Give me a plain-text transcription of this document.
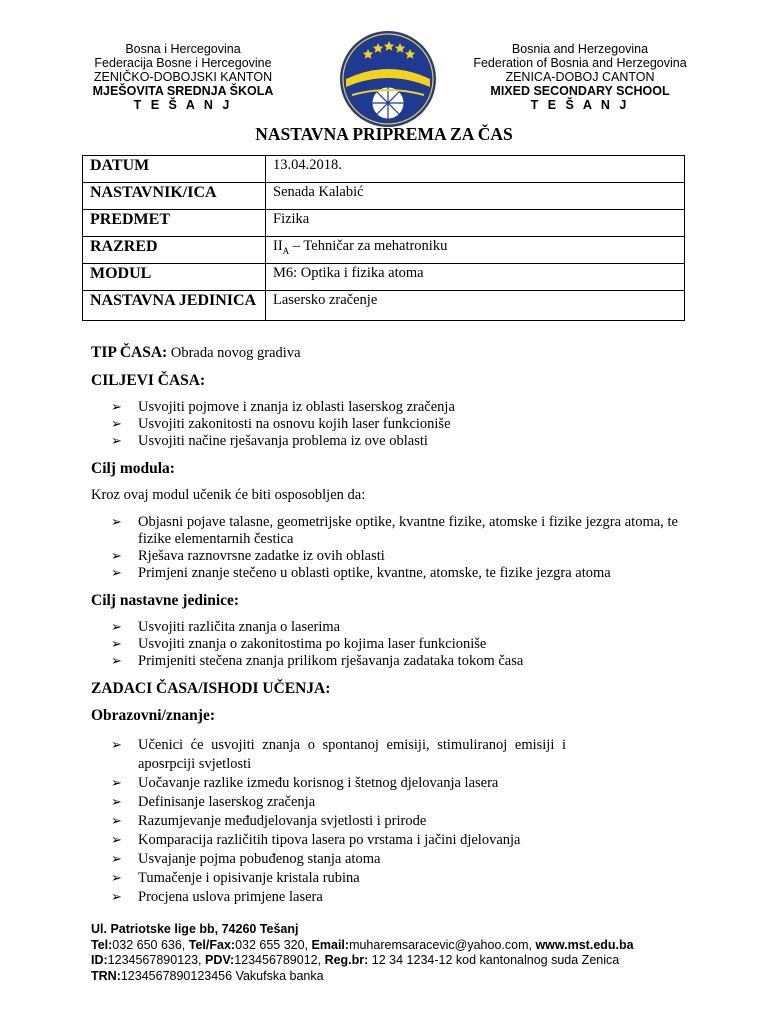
Bosna i Hercegovina
Federacija Bosne i Hercegovine
ZENIČKO-DOBOJSKI KANTON
MJEŠOVITA SREDNJA ŠKOLA
T E Š A N J
Bosnia and Herzegovina
Federation of Bosnia and Herzegovina
ZENICA-DOBOJ CANTON
MIXED SECONDARY SCHOOL
T E Š A N J
NASTAVNA PRIPREMA ZA ČAS
DATUM	13.04.2018.
NASTAVNIK/ICA	Senada Kalabić
PREDMET	Fizika
RAZRED	$II_A$ – Tehničar za mehatroniku
MODUL	M6: Optika i fizika atoma
NASTAVNA JEDINICA	Lasersko zračenje

TIP ČASA: Obrada novog gradiva

CILJEVI ČASA:

➢ Usvojiti pojmove i znanja iz oblasti laserskog zračenja
➢ Usvojiti zakonitosti na osnovu kojih laser funkcioniše
➢ Usvojiti načine rješavanja problema iz ove oblasti

Cilj modula:

Kroz ovaj modul učenik će biti osposobljen da:

➢ Objasni pojave talasne, geometrijske optike, kvantne fizike, atomske i fizike jezgra atoma, te fizike elementarnih čestica
➢ Rješava raznovrsne zadatke iz ovih oblasti
➢ Primjeni znanje stečeno u oblasti optike, kvantne, atomske, te fizike jezgra atoma

Cilj nastavne jedinice:

➢ Usvojiti različita znanja o laserima
➢ Usvojiti znanja o zakonitostima po kojima laser funkcioniše
➢ Primjeniti stečena znanja prilikom rješavanja zadataka tokom časa

ZADACI ČASA/ISHODI UČENJA:

Obrazovni/znanje:

➢ Učenici će usvojiti znanja o spontanoj emisiji, stimuliranoj emisiji i aposrpciji svjetlosti
➢ Uočavanje razlike između korisnog i štetnog djelovanja lasera
➢ Definisanje laserskog zračenja
➢ Razumjevanje međudjelovanja svjetlosti i prirode
➢ Komparacija različitih tipova lasera po vrstama i jačini djelovanja
➢ Usvajanje pojma pobuđenog stanja atoma
➢ Tumačenje i opisivanje kristala rubina
➢ Procjena uslova primjene lasera
Ul. Patriotske lige bb, 74260 Tešanj
Tel:032 650 636, Tel/Fax:032 655 320, Email:muharemsaracevic@yahoo.com, www.mst.edu.ba
ID:1234567890123, PDV:123456789012, Reg.br: 12 34 1234-12 kod kantonalnog suda Zenica
TRN:1234567890123456 Vakufska banka
